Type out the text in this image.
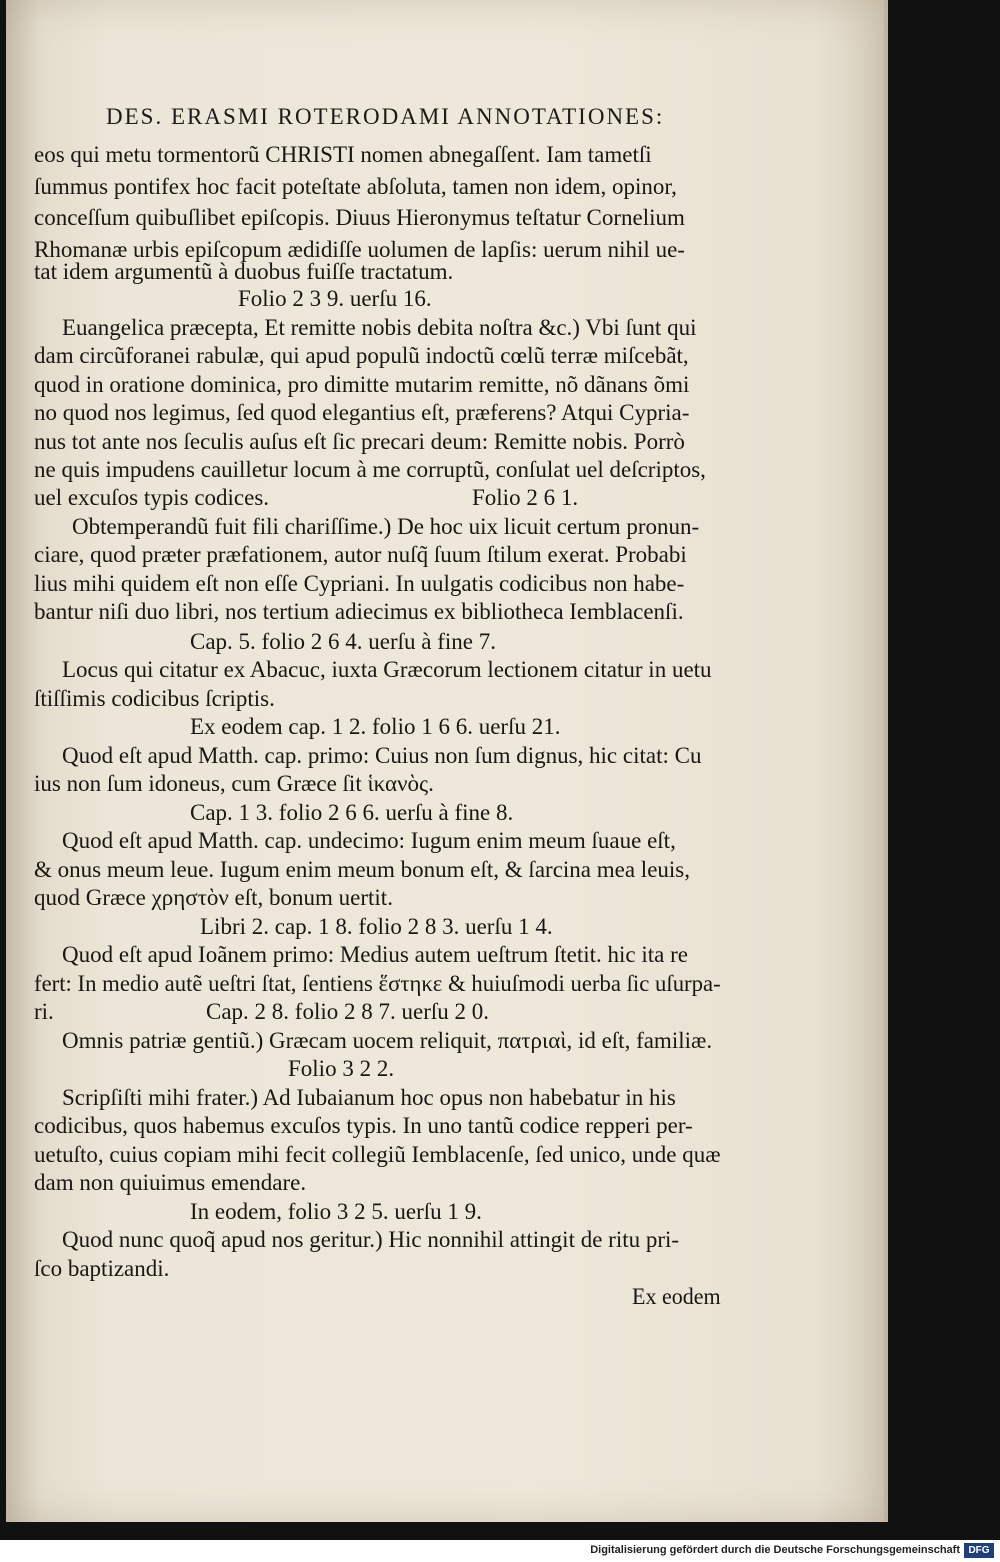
DES. ERASMI ROTERODAMI ANNOTATIONES:
eos qui metu tormentorũ CHRISTI nomen abnegaſſent. Iam tametſi
ſummus pontifex hoc facit poteſtate abſoluta, tamen non idem, opinor,
conceſſum quibuſlibet epiſcopis. Diuus Hieronymus teſtatur Cornelium
Rhomanæ urbis epiſcopum ædidiſſe uolumen de lapſis: uerum nihil ue-
tat idem argumentũ à duobus fuiſſe tractatum.
Folio 2 3 9. uerſu 16.
Euangelica præcepta, Et remitte nobis debita noſtra &c.) Vbi ſunt qui
dam circũforanei rabulæ, qui apud populũ indoctũ cœlũ terræ miſcebãt,
quod in oratione dominica, pro dimitte mutarim remitte, nõ dãnans õmi
no quod nos legimus, ſed quod elegantius eſt, præferens? Atqui Cypria-
nus tot ante nos ſeculis auſus eſt ſic precari deum: Remitte nobis. Porrò
ne quis impudens cauilletur locum à me corruptũ, conſulat uel deſcriptos,
uel excuſos typis codices.	Folio 2 6 1.
Obtemperandũ fuit fili chariſſime.) De hoc uix licuit certum pronun-
ciare, quod præter præfationem, autor nuſq̃ ſuum ſtilum exerat. Probabi
lius mihi quidem eſt non eſſe Cypriani. In uulgatis codicibus non habe-
bantur niſi duo libri, nos tertium adiecimus ex bibliotheca Iemblacenſi.
Cap. 5. folio 2 6 4. uerſu à fine 7.
Locus qui citatur ex Abacuc, iuxta Græcorum lectionem citatur in uetu
ſtiſſimis codicibus ſcriptis.
Ex eodem cap. 1 2. folio 1 6 6. uerſu 21.
Quod eſt apud Matth. cap. primo: Cuius non ſum dignus, hic citat: Cu
ius non ſum idoneus, cum Græce ſit ἱκανὸς.
Cap. 1 3. folio 2 6 6. uerſu à fine 8.
Quod eſt apud Matth. cap. undecimo: Iugum enim meum ſuaue eſt,
& onus meum leue. Iugum enim meum bonum eſt, & ſarcina mea leuis,
quod Græce χρηστὸν eſt, bonum uertit.
Libri 2. cap. 1 8. folio 2 8 3. uerſu 1 4.
Quod eſt apud Ioãnem primo: Medius autem ueſtrum ſtetit. hic ita re
fert: In medio autẽ ueſtri ſtat, ſentiens ἕστηκε & huiuſmodi uerba ſic uſurpa-
ri.	Cap. 2 8. folio 2 8 7. uerſu 2 0.
Omnis patriæ gentiũ.) Græcam uocem reliquit, πατριαὶ, id eſt, familiæ.
Folio 3 2 2.
Scripſiſti mihi frater.) Ad Iubaianum hoc opus non habebatur in his
codicibus, quos habemus excuſos typis. In uno tantũ codice repperi per-
uetuſto, cuius copiam mihi fecit collegiũ Iemblacenſe, ſed unico, unde quæ
dam non quiuimus emendare.
In eodem, folio 3 2 5. uerſu 1 9.
Quod nunc quoq̃ apud nos geritur.) Hic nonnihil attingit de ritu pri-
ſco baptizandi.
Ex eodem
Digitalisierung gefördert durch die Deutsche Forschungsgemeinschaft DFG
